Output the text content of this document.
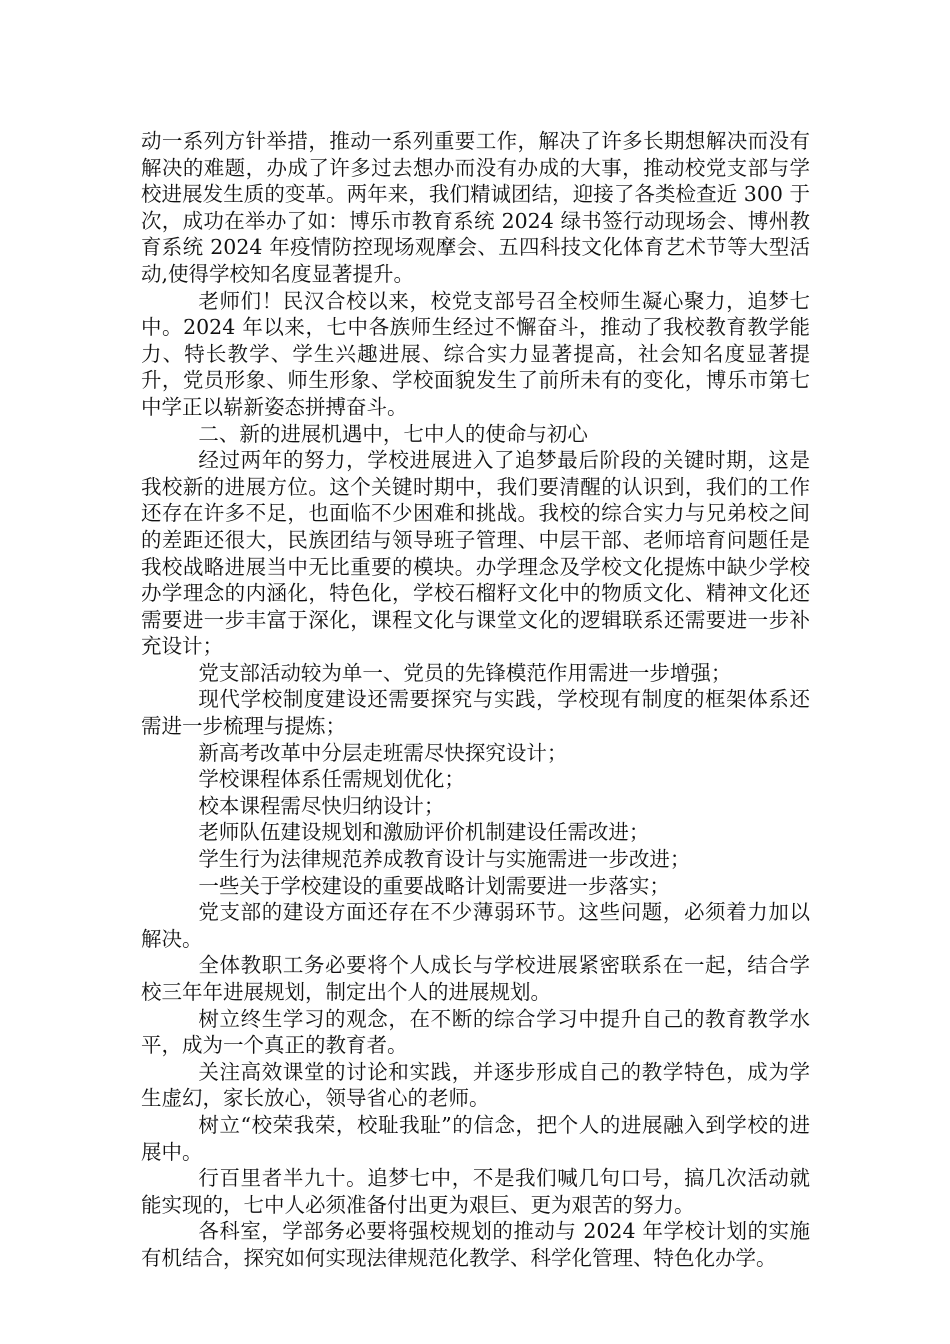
动一系列方针举措，推动一系列重要工作，解决了许多长期想解决而没有解决的难题，办成了许多过去想办而没有办成的大事，推动校党支部与学校进展发生质的变革。两年来，我们精诚团结，迎接了各类检查近 300 于次，成功在举办了如：博乐市教育系统 2024 绿书签行动现场会、博州教育系统 2024 年疫情防控现场观摩会、五四科技文化体育艺术节等大型活动,使得学校知名度显著提升。

老师们！民汉合校以来，校党支部号召全校师生凝心聚力，追梦七中。2024 年以来，七中各族师生经过不懈奋斗，推动了我校教育教学能力、特长教学、学生兴趣进展、综合实力显著提高，社会知名度显著提升，党员形象、师生形象、学校面貌发生了前所未有的变化，博乐市第七中学正以崭新姿态拼搏奋斗。

二、新的进展机遇中，七中人的使命与初心

经过两年的努力，学校进展进入了追梦最后阶段的关键时期，这是我校新的进展方位。这个关键时期中，我们要清醒的认识到，我们的工作还存在许多不足，也面临不少困难和挑战。我校的综合实力与兄弟校之间的差距还很大，民族团结与领导班子管理、中层干部、老师培育问题任是我校战略进展当中无比重要的模块。办学理念及学校文化提炼中缺少学校办学理念的内涵化，特色化，学校石榴籽文化中的物质文化、精神文化还需要进一步丰富于深化，课程文化与课堂文化的逻辑联系还需要进一步补充设计；

党支部活动较为单一、党员的先锋模范作用需进一步增强；

现代学校制度建设还需要探究与实践，学校现有制度的框架体系还需进一步梳理与提炼；

新高考改革中分层走班需尽快探究设计；

学校课程体系任需规划优化；

校本课程需尽快归纳设计；

老师队伍建设规划和激励评价机制建设任需改进；

学生行为法律规范养成教育设计与实施需进一步改进；

一些关于学校建设的重要战略计划需要进一步落实；

党支部的建设方面还存在不少薄弱环节。这些问题，必须着力加以解决。

全体教职工务必要将个人成长与学校进展紧密联系在一起，结合学校三年年进展规划，制定出个人的进展规划。

树立终生学习的观念，在不断的综合学习中提升自己的教育教学水平，成为一个真正的教育者。

关注高效课堂的讨论和实践，并逐步形成自己的教学特色，成为学生虚幻，家长放心，领导省心的老师。

树立“校荣我荣，校耻我耻”的信念，把个人的进展融入到学校的进展中。

行百里者半九十。追梦七中，不是我们喊几句口号，搞几次活动就能实现的，七中人必须准备付出更为艰巨、更为艰苦的努力。

各科室，学部务必要将强校规划的推动与 2024 年学校计划的实施有机结合，探究如何实现法律规范化教学、科学化管理、特色化办学。
